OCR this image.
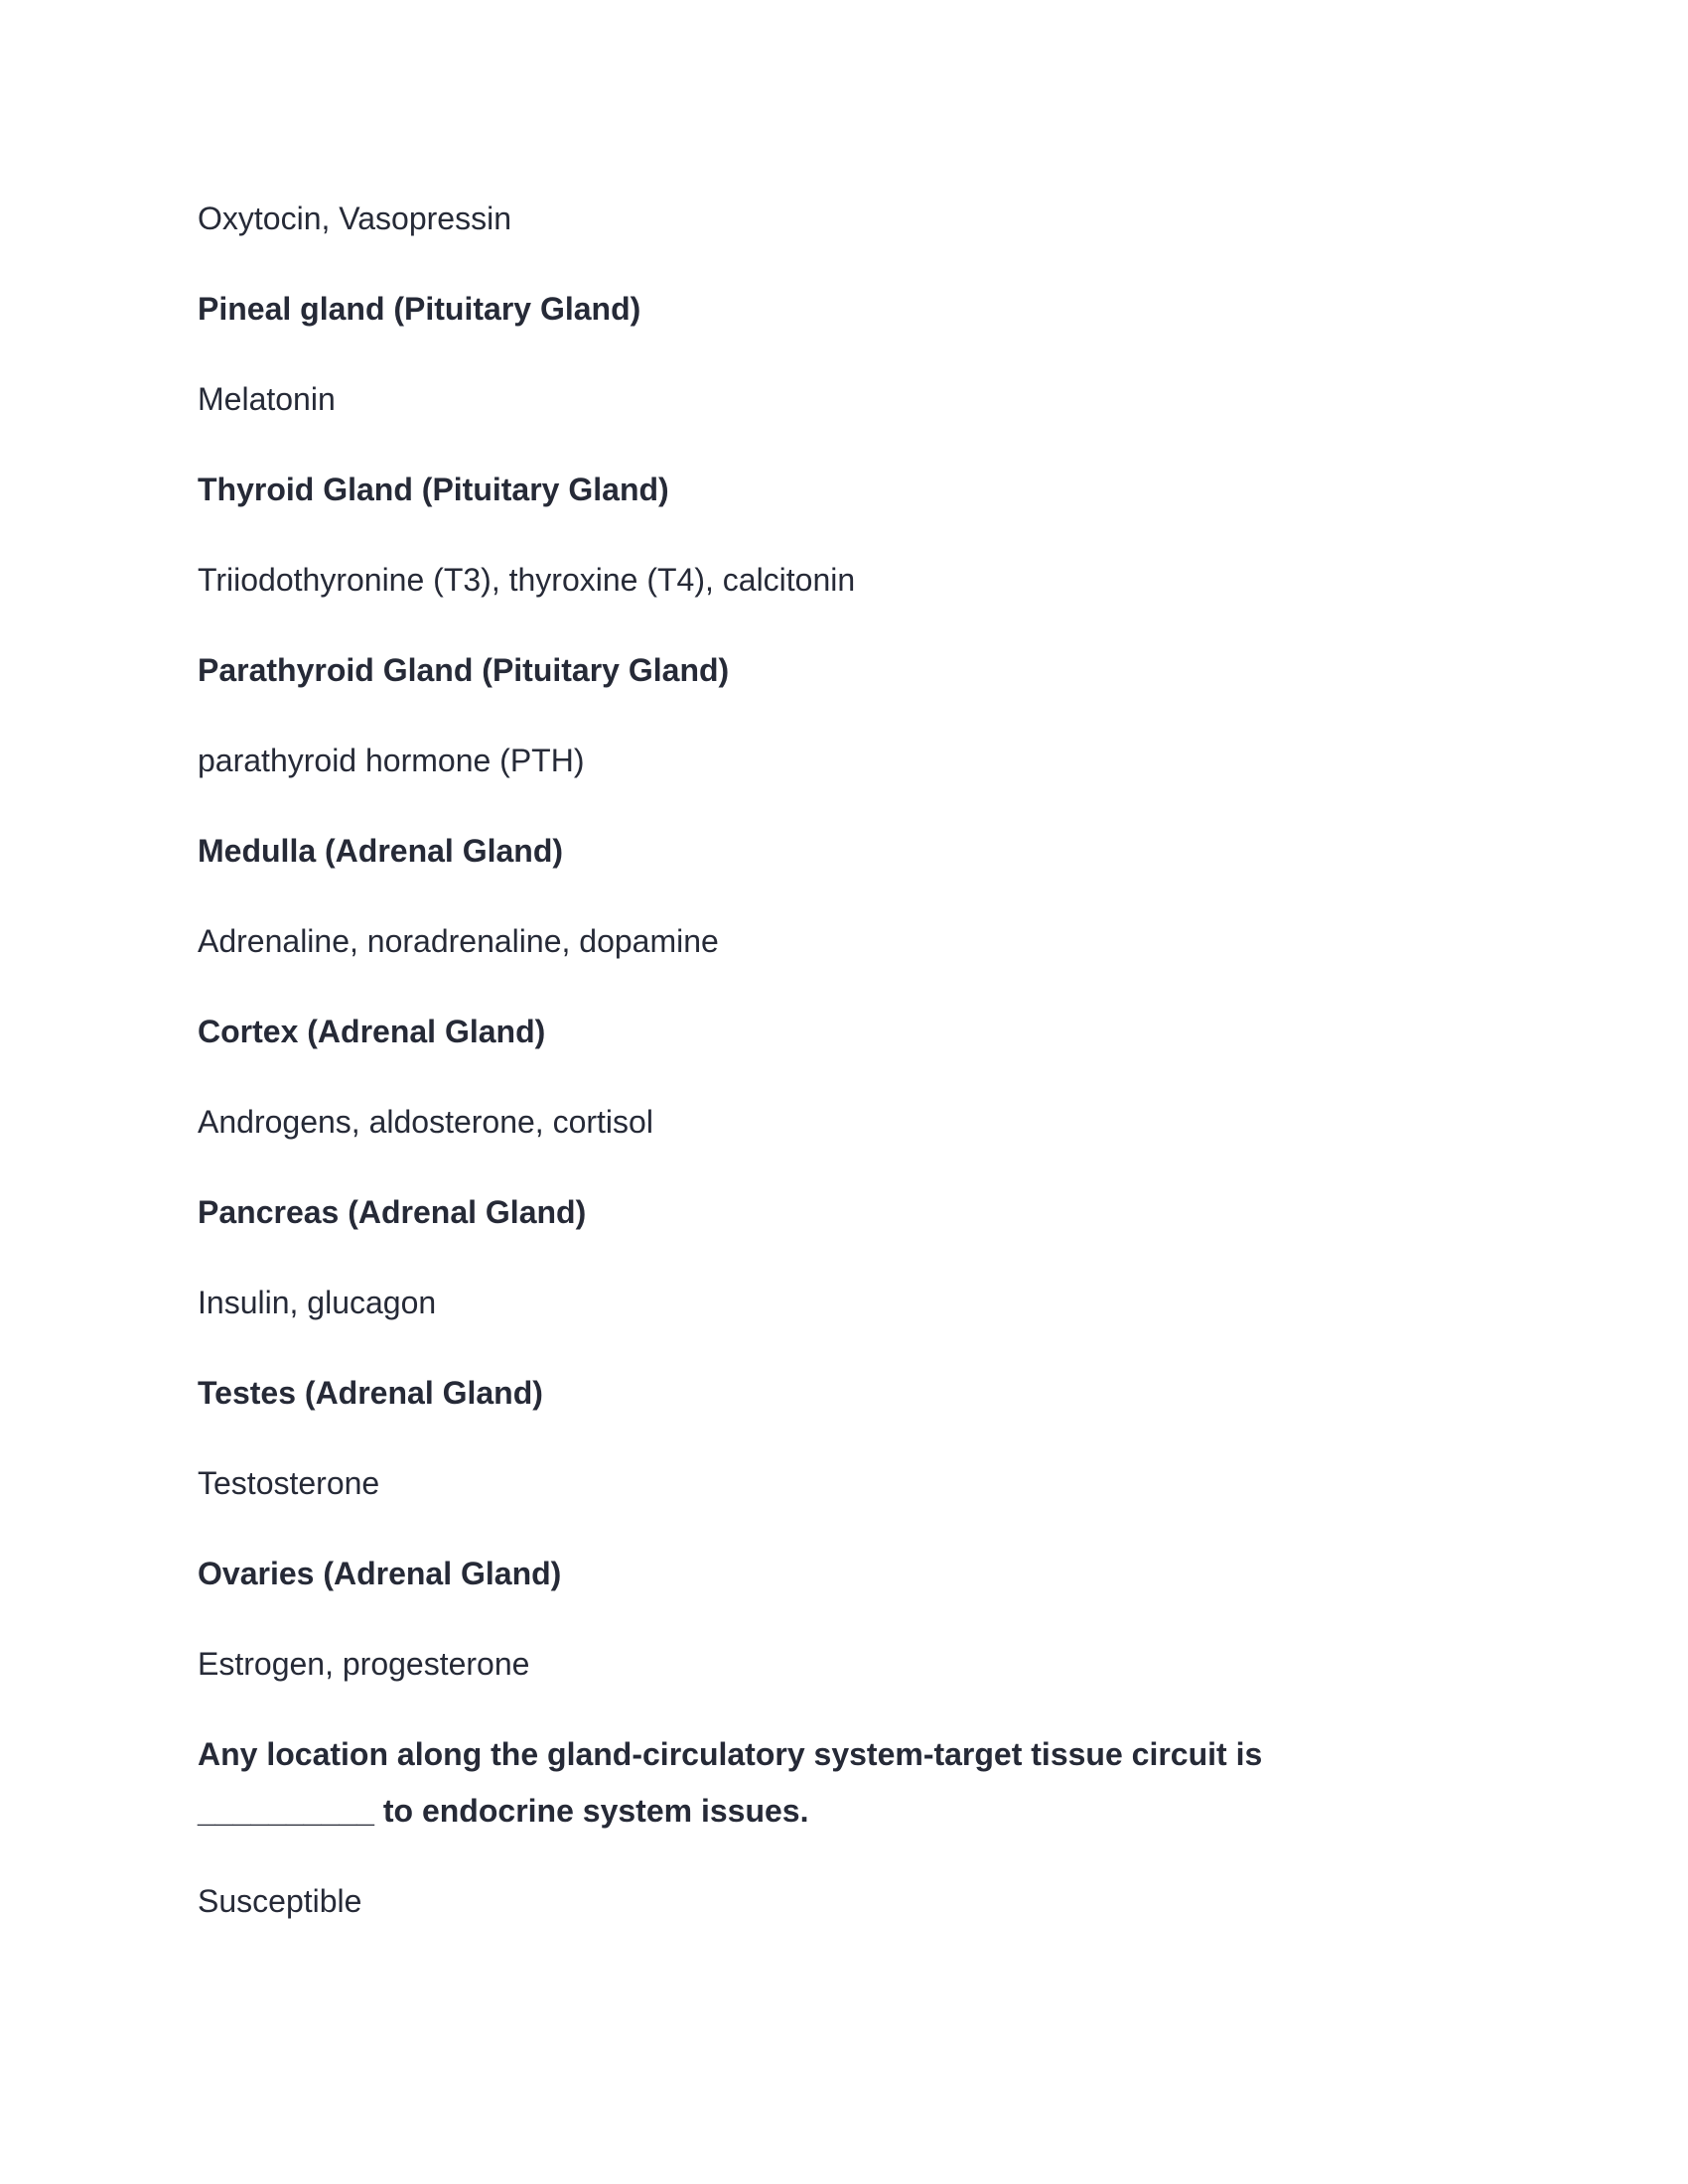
Oxytocin, Vasopressin

Pineal gland (Pituitary Gland)

Melatonin

Thyroid Gland (Pituitary Gland)

Triiodothyronine (T3), thyroxine (T4), calcitonin

Parathyroid Gland (Pituitary Gland)

parathyroid hormone (PTH)

Medulla (Adrenal Gland)

Adrenaline, noradrenaline, dopamine

Cortex (Adrenal Gland)

Androgens, aldosterone, cortisol

Pancreas (Adrenal Gland)

Insulin, glucagon

Testes (Adrenal Gland)

Testosterone

Ovaries (Adrenal Gland)

Estrogen, progesterone

Any location along the gland-circulatory system-target tissue circuit is __________ to endocrine system issues.

Susceptible
